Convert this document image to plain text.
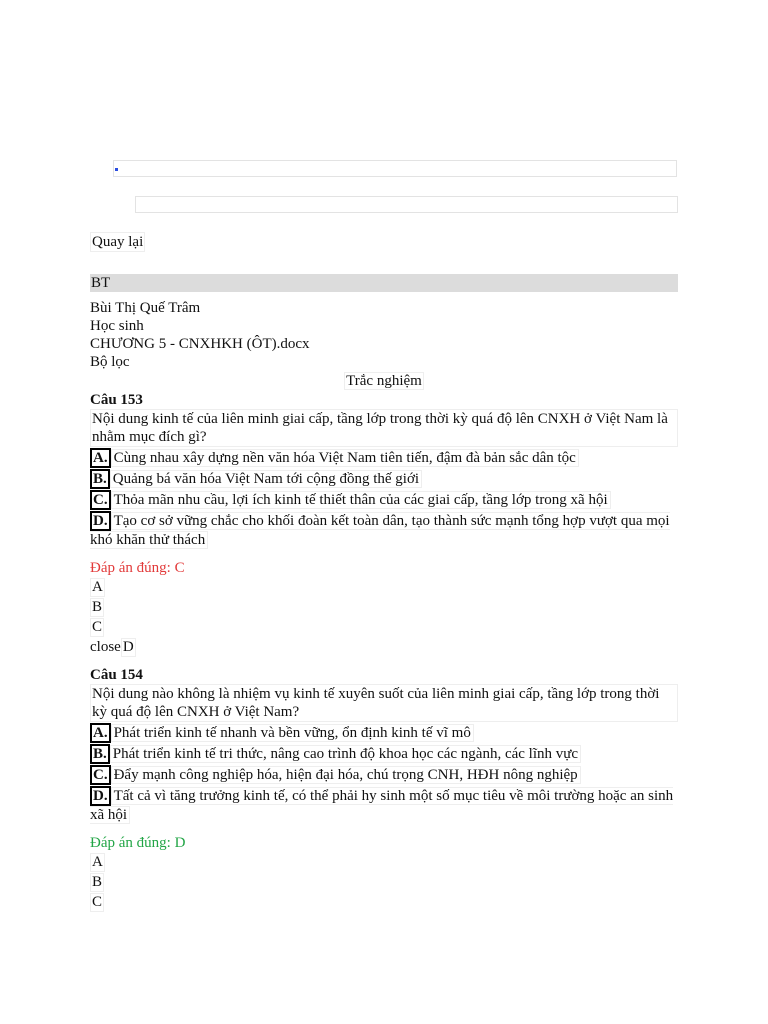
Quay lại
BT
Bùi Thị Quế Trâm
Học sinh
CHƯƠNG 5 - CNXHKH (ÔT).docx
Bộ lọc
Trắc nghiệm
Câu 153
Nội dung kinh tế của liên minh giai cấp, tầng lớp trong thời kỳ quá độ lên CNXH ở Việt Nam là nhằm mục đích gì?
A. Cùng nhau xây dựng nền văn hóa Việt Nam tiên tiến, đậm đà bản sắc dân tộc
B. Quảng bá văn hóa Việt Nam tới cộng đồng thế giới
C. Thỏa mãn nhu cầu, lợi ích kinh tế thiết thân của các giai cấp, tầng lớp trong xã hội
D. Tạo cơ sở vững chắc cho khối đoàn kết toàn dân, tạo thành sức mạnh tổng hợp vượt qua mọi khó khăn thử thách
Đáp án đúng: C
A
B
C
close D
Câu 154
Nội dung nào không là nhiệm vụ kinh tế xuyên suốt của liên minh giai cấp, tầng lớp trong thời kỳ quá độ lên CNXH ở Việt Nam?
A. Phát triển kinh tế nhanh và bền vững, ổn định kinh tế vĩ mô
B. Phát triển kinh tế tri thức, nâng cao trình độ khoa học các ngành, các lĩnh vực
C. Đẩy mạnh công nghiệp hóa, hiện đại hóa, chú trọng CNH, HĐH nông nghiệp
D. Tất cả vì tăng trưởng kinh tế, có thể phải hy sinh một số mục tiêu về môi trường hoặc an sinh xã hội
Đáp án đúng: D
A
B
C
